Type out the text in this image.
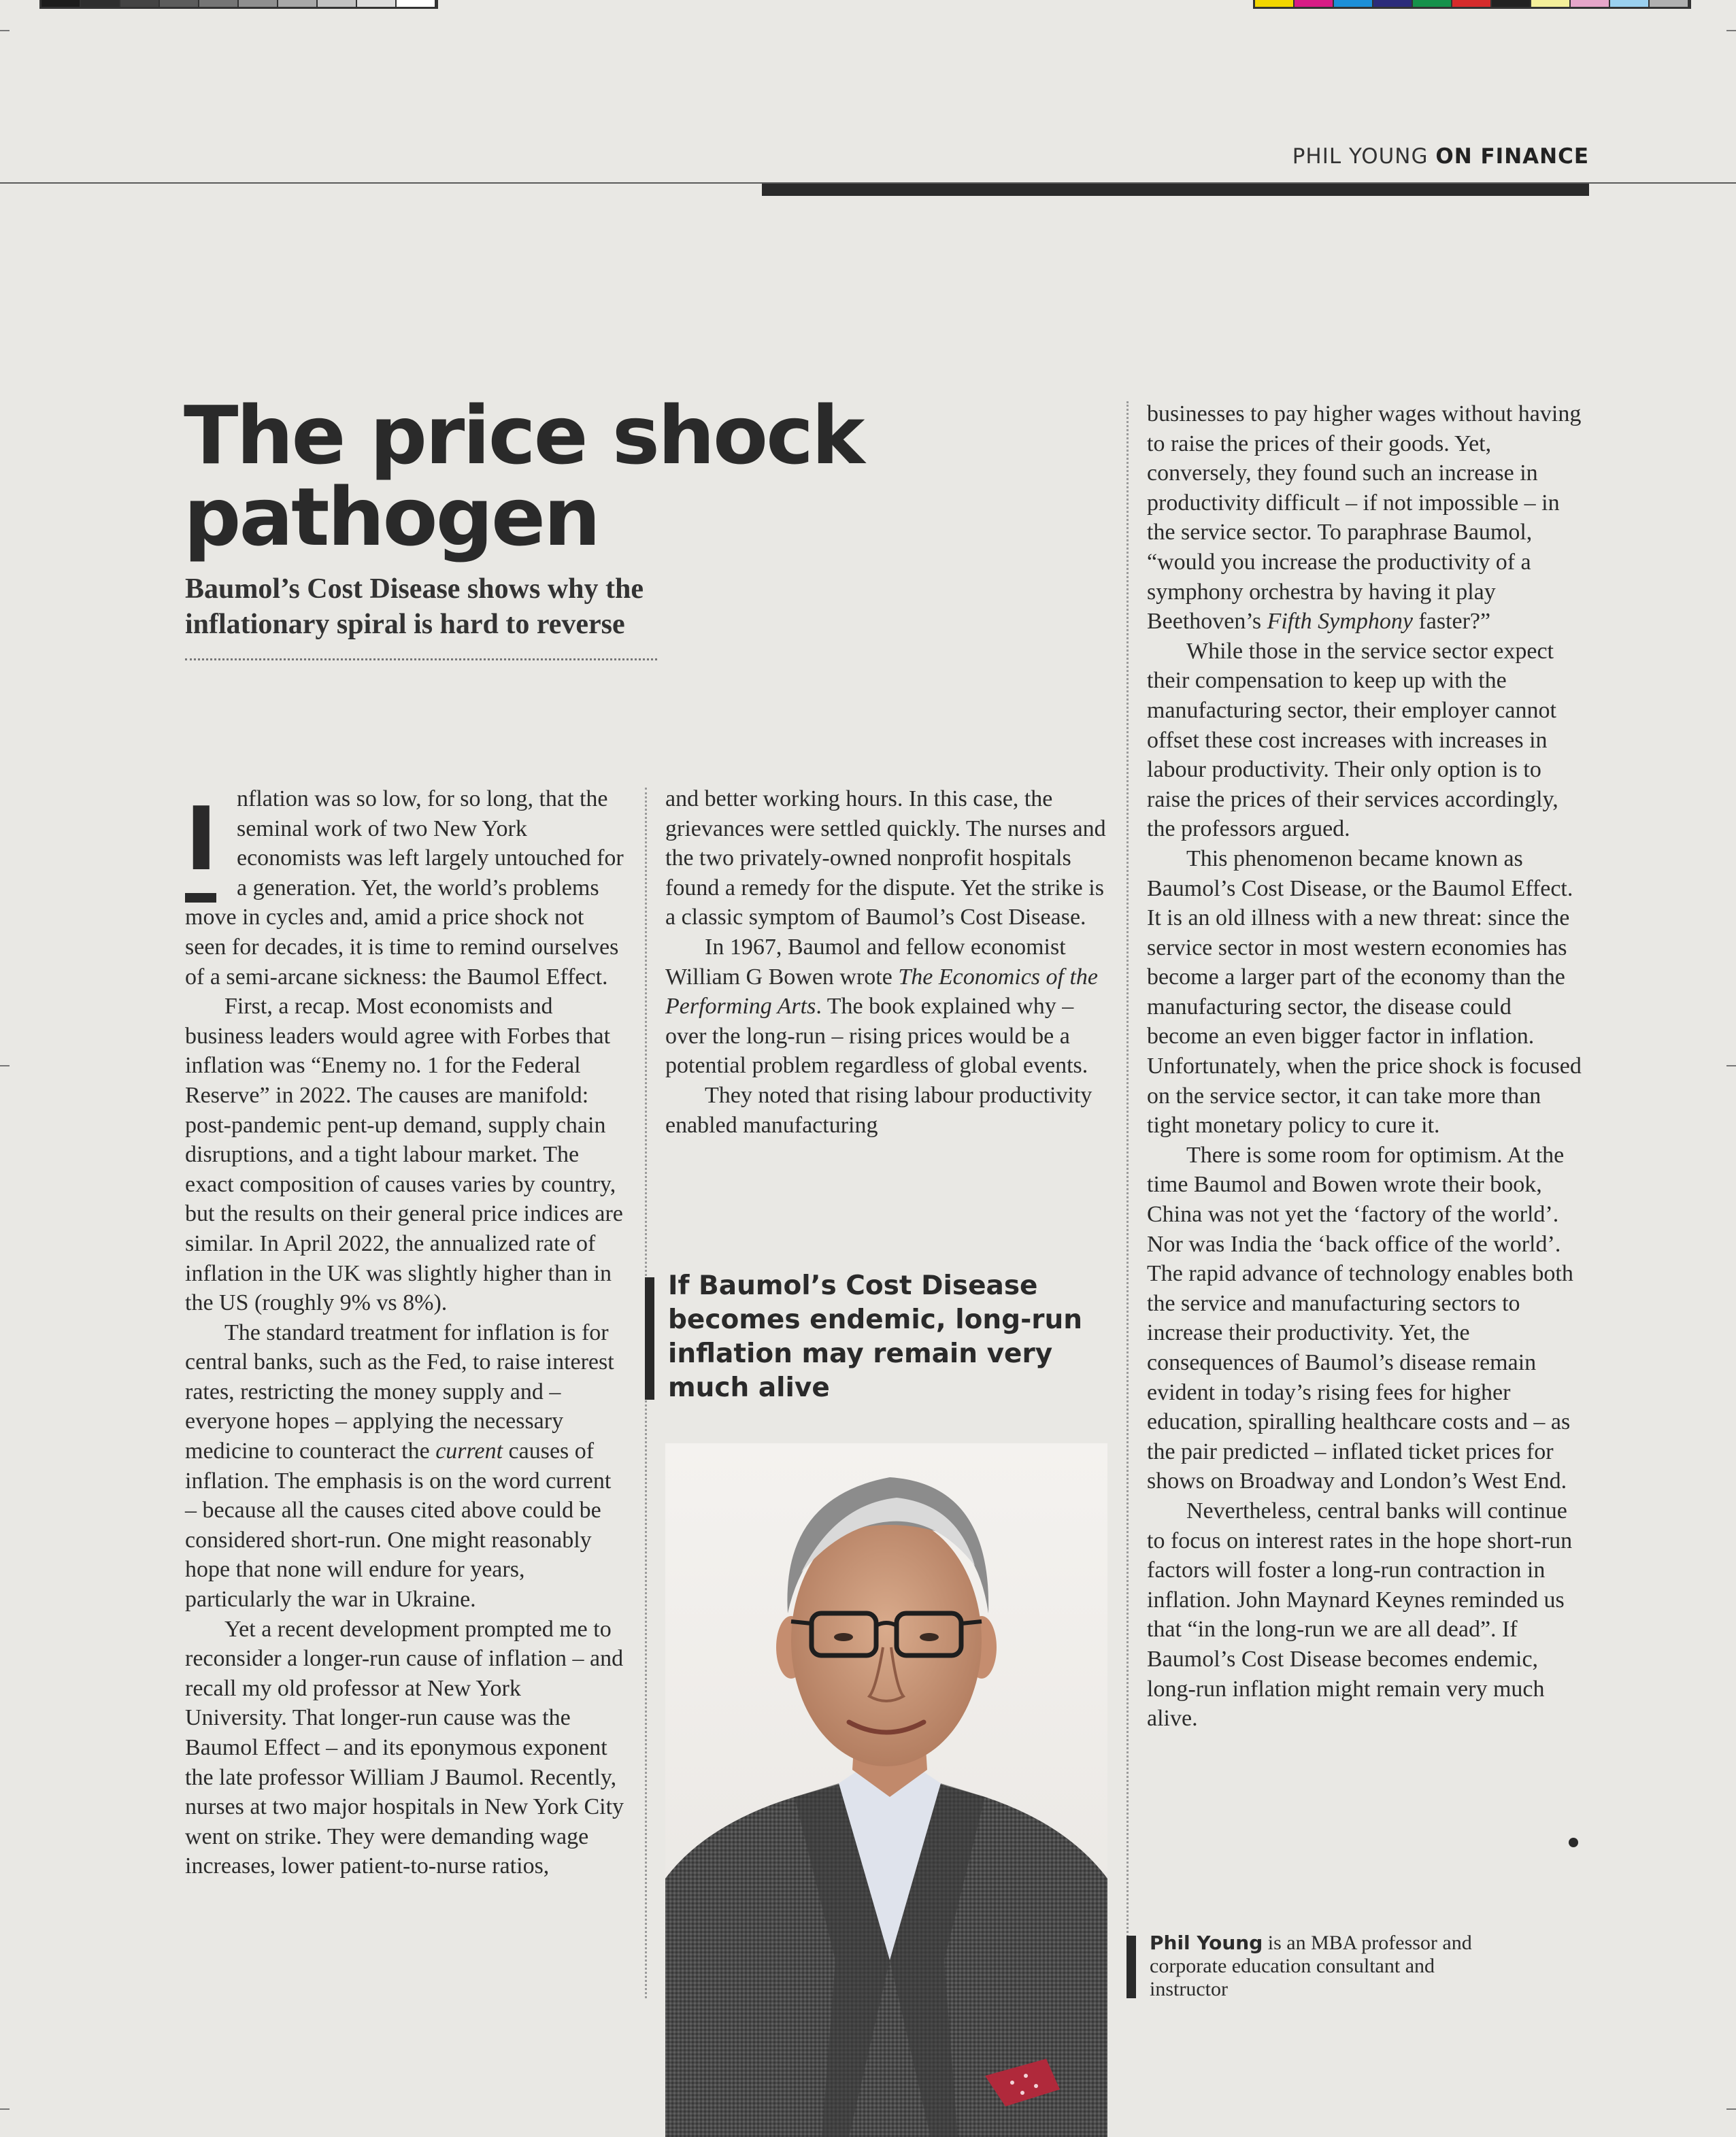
PHIL YOUNG ON FINANCE
The price shock pathogen

Baumol’s Cost Disease shows why the inflationary spiral is hard to reverse

I nflation was so low, for so long, that the seminal work of two New York economists was left largely untouched for a generation. Yet, the world’s problems move in cycles and, amid a price shock not seen for decades, it is time to remind ourselves of a semi-arcane sickness: the Baumol Effect.

First, a recap. Most economists and business leaders would agree with Forbes that inflation was “Enemy no. 1 for the Federal Reserve” in 2022. The causes are manifold: post-pandemic pent-up demand, supply chain disruptions, and a tight labour market. The exact composition of causes varies by country, but the results on their general price indices are similar. In April 2022, the annualized rate of inflation in the UK was slightly higher than in the US (roughly 9% vs 8%).

The standard treatment for inflation is for central banks, such as the Fed, to raise interest rates, restricting the money supply and – everyone hopes – applying the necessary medicine to counteract the current causes of inflation. The emphasis is on the word current – because all the causes cited above could be considered short-run. One might reasonably hope that none will endure for years, particularly the war in Ukraine.

Yet a recent development prompted me to reconsider a longer-run cause of inflation – and recall my old professor at New York University. That longer-run cause was the Baumol Effect – and its eponymous exponent the late professor William J Baumol. Recently, nurses at two major hospitals in New York City went on strike. They were demanding wage increases, lower patient-to-nurse ratios,

and better working hours. In this case, the grievances were settled quickly. The nurses and the two privately-owned nonprofit hospitals found a remedy for the dispute. Yet the strike is a classic symptom of Baumol’s Cost Disease.

In 1967, Baumol and fellow economist William G Bowen wrote The Economics of the Performing Arts. The book explained why – over the long-run – rising prices would be a potential problem regardless of global events.

They noted that rising labour productivity enabled manufacturing

If Baumol’s Cost Disease becomes endemic, long-run inflation may remain very much alive

businesses to pay higher wages without having to raise the prices of their goods. Yet, conversely, they found such an increase in productivity difficult – if not impossible – in the service sector. To paraphrase Baumol, “would you increase the productivity of a symphony orchestra by having it play Beethoven’s Fifth Symphony faster?”

While those in the service sector expect their compensation to keep up with the manufacturing sector, their employer cannot offset these cost increases with increases in labour productivity. Their only option is to raise the prices of their services accordingly, the professors argued.

This phenomenon became known as Baumol’s Cost Disease, or the Baumol Effect. It is an old illness with a new threat: since the service sector in most western economies has become a larger part of the economy than the manufacturing sector, the disease could become an even bigger factor in inflation. Unfortunately, when the price shock is focused on the service sector, it can take more than tight monetary policy to cure it.

There is some room for optimism. At the time Baumol and Bowen wrote their book, China was not yet the ‘factory of the world’. Nor was India the ‘back office of the world’. The rapid advance of technology enables both the service and manufacturing sectors to increase their productivity. Yet, the consequences of Baumol’s disease remain evident in today’s rising fees for higher education, spiralling healthcare costs and – as the pair predicted – inflated ticket prices for shows on Broadway and London’s West End.

Nevertheless, central banks will continue to focus on interest rates in the hope short-run factors will foster a long-run contraction in inflation. John Maynard Keynes reminded us that “in the long-run we are all dead”. If Baumol’s Cost Disease becomes endemic, long-run inflation might remain very much alive.

Phil Young is an MBA professor and corporate education consultant and instructor
